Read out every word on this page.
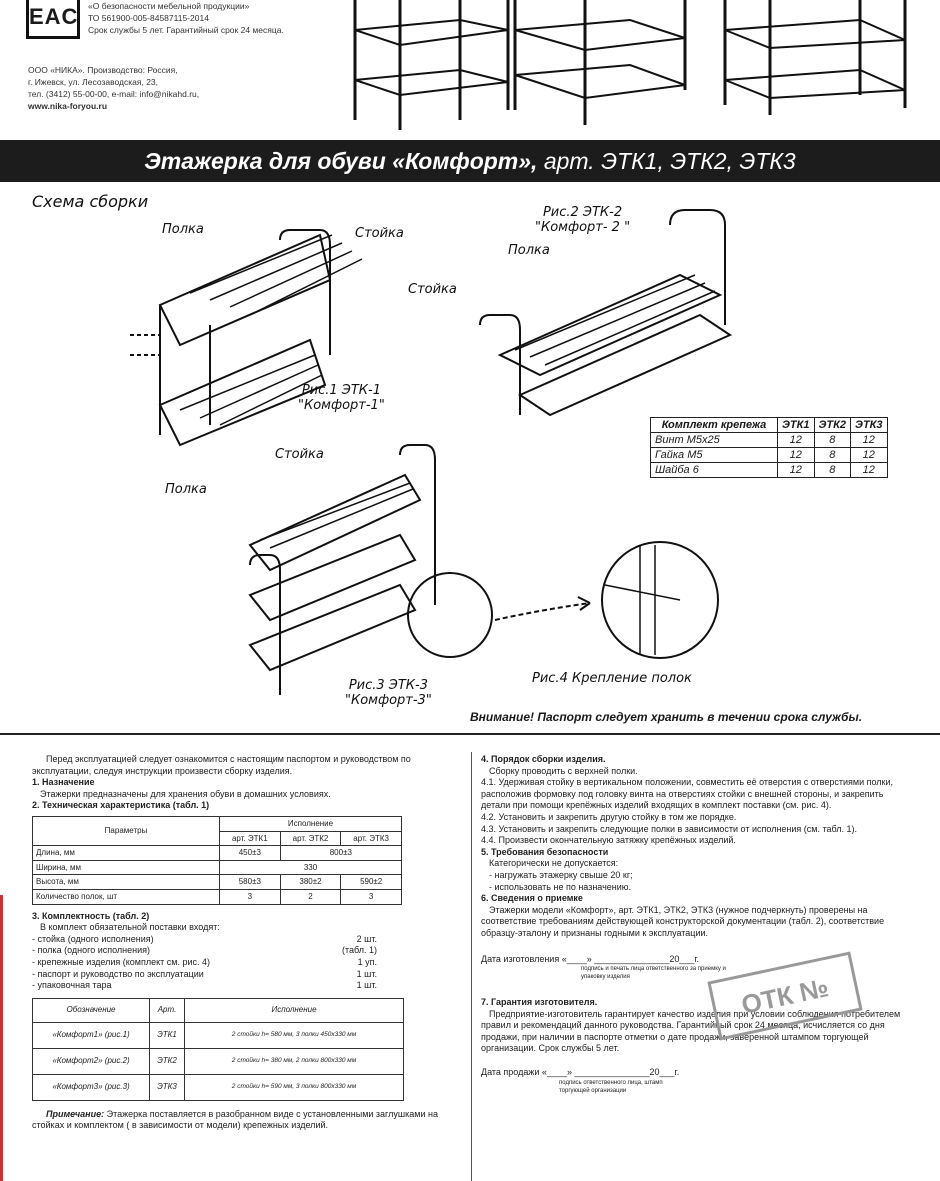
EAC «О безопасности мебельной продукции»
ТО 561900-005-84587115-2014
Срок службы 5 лет. Гарантийный срок 24 месяца.
ООО «НИКА». Производство: Россия,
г. Ижевск, ул. Лесозаводская, 23,
тел. (3412) 55-00-00, e-mail: info@nikahd.ru,
www.nika-foryou.ru
Этажерка для обуви «Комфорт», арт. ЭТК1, ЭТК2, ЭТК3
Схема сборки
Полка	Стойка
Рис.1 ЭТК-1
"Комфорт-1"
Рис.2 ЭТК-2
"Комфорт- 2 "
Полка
Стойка
Стойка
Полка
Рис.3 ЭТК-3
"Комфорт-3"
Рис.4 Крепление полок
Комплект крепежа	ЭТК1	ЭТК2	ЭТК3
Винт М5х25	12	8	12
Гайка М5	12	8	12
Шайба 6	12	8	12
Внимание! Паспорт следует хранить в течении срока службы.
Перед эксплуатацией следует ознакомится с настоящим паспортом и руководством по эксплуатации, следуя инструкции произвести сборку изделия.
1. Назначение
Этажерки предназначены для хранения обуви в домашних условиях.
2. Техническая характеристика (табл. 1)
Параметры	Исполнение		
	арт. ЭТК1	арт. ЭТК2	арт. ЭТК3
Длина, мм	450±3	800±3	
Ширина, мм	330		
Высота, мм	580±3	380±2	590±2
Количество полок, шт	3	2	3
3. Комплектность (табл. 2)
В комплект обязательной поставки входят:
- стойка (одного исполнения)	2 шт.
- полка (одного исполнения)	(табл. 1)
- крепежные изделия (комплект см. рис. 4)	1 уп.
- паспорт и руководство по эксплуатации	1 шт.
- упаковочная тара	1 шт.
Обозначение	Арт.	Исполнение
«Комфорт1» (рис.1)	ЭТК1	2 стойки h= 580 мм, 3 полки 450х330 мм
«Комфорт2» (рис.2)	ЭТК2	2 стойки h= 380 мм, 2 полки 800х330 мм
«Комфорт3» (рис.3)	ЭТК3	2 стойки h= 590 мм, 3 полки 800х330 мм
Примечание: Этажерка поставляется в разобранном виде с установленными заглушками на стойках и комплектом ( в зависимости от модели) крепежных изделий.
4. Порядок сборки изделия.
Сборку проводить с верхней полки.
4.1. Удерживая стойку в вертикальном положении, совместить её отверстия с отверстиями полки, расположив формовку под головку винта на отверстиях стойки с внешней стороны, и закрепить детали при помощи крепёжных изделий входящих в комплект поставки (см. рис. 4).
4.2. Установить и закрепить другую стойку в том же порядке.
4.3. Установить и закрепить следующие полки в зависимости от исполнения (см. табл. 1).
4.4. Произвести окончательную затяжку крепёжных изделий.
5. Требования безопасности
Категорически не допускается:
- нагружать этажерку свыше 20 кг;
- использовать не по назначению.
6. Сведения о приемке
Этажерки модели «Комфорт», арт. ЭТК1, ЭТК2, ЭТК3 (нужное подчеркнуть) проверены на соответствие требованиям действующей конструкторской документации (табл. 2), соответствие образцу-эталону и признаны годными к эксплуатации.
Дата изготовления «____» _______________20___г.
подпись и печать лица ответственного за приемку и упаковку изделия
7. Гарантия изготовителя.
Предприятие-изготовитель гарантирует качество изделия при условии соблюдения потребителем правил и рекомендаций данного руководства. Гарантийный срок 24 месяца, исчисляется со дня продажи, при наличии в паспорте отметки о дате продажи, заверенной штампом торгующей организации. Срок службы 5 лет.
Дата продажи «____» _______________20___г.
подпись ответственного лица, штамп торгующей организации
ОТК №
